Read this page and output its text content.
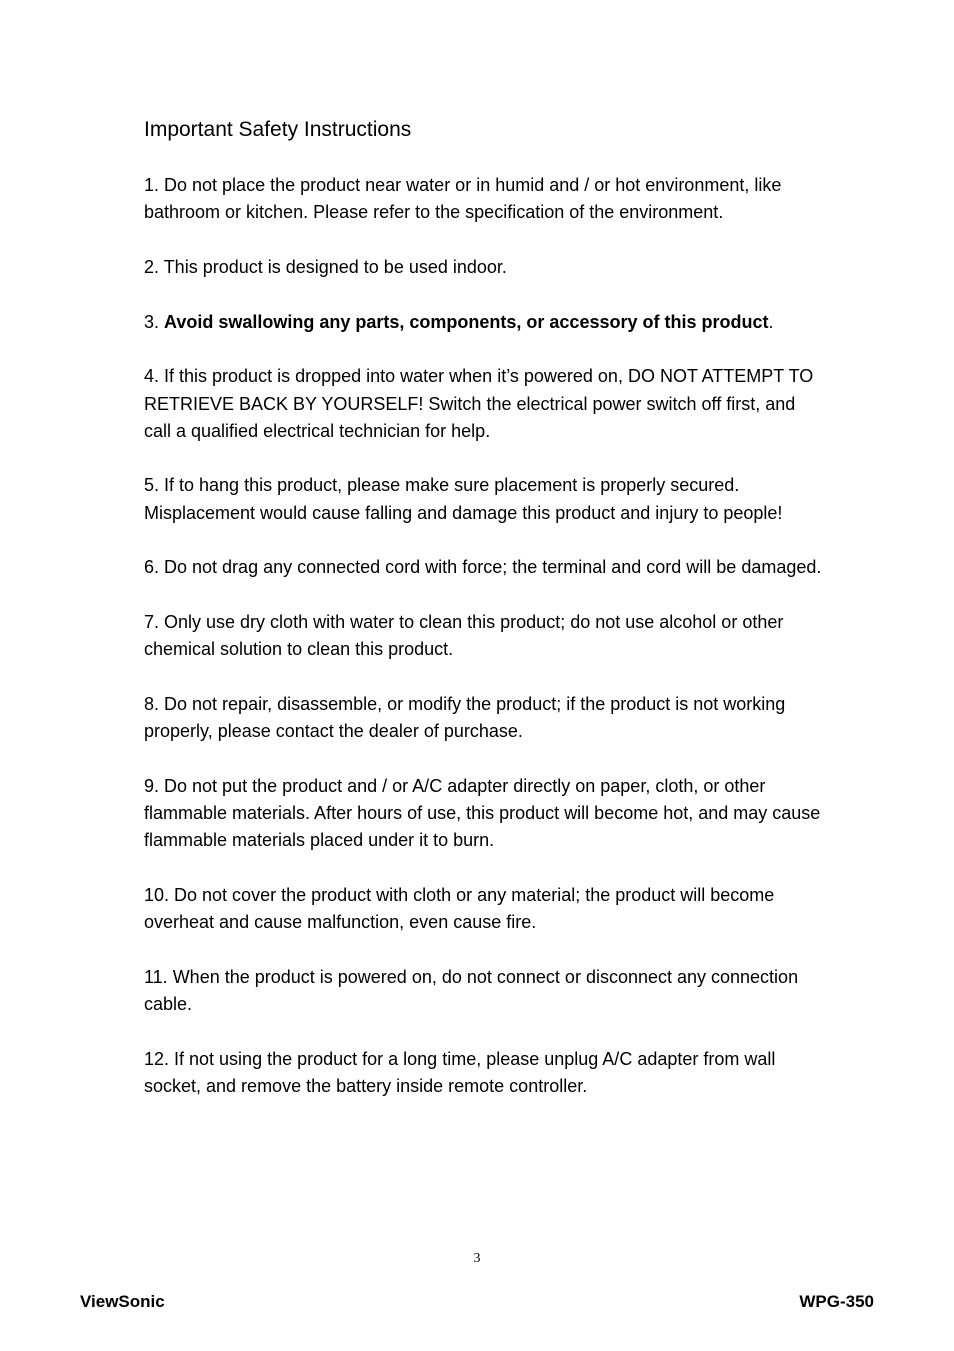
Important Safety Instructions

1. Do not place the product near water or in humid and / or hot environment, like bathroom or kitchen. Please refer to the specification of the environment.

2. This product is designed to be used indoor.

3. Avoid swallowing any parts, components, or accessory of this product.

4. If this product is dropped into water when it’s powered on, DO NOT ATTEMPT TO RETRIEVE BACK BY YOURSELF! Switch the electrical power switch off first, and call a qualified electrical technician for help.

5. If to hang this product, please make sure placement is properly secured. Misplacement would cause falling and damage this product and injury to people!

6. Do not drag any connected cord with force; the terminal and cord will be damaged.

7. Only use dry cloth with water to clean this product; do not use alcohol or other chemical solution to clean this product.

8. Do not repair, disassemble, or modify the product; if the product is not working properly, please contact the dealer of purchase.

9. Do not put the product and / or A/C adapter directly on paper, cloth, or other flammable materials. After hours of use, this product will become hot, and may cause flammable materials placed under it to burn.

10. Do not cover the product with cloth or any material; the product will become overheat and cause malfunction, even cause fire.

11. When the product is powered on, do not connect or disconnect any connection cable.

12. If not using the product for a long time, please unplug A/C adapter from wall socket, and remove the battery inside remote controller.

3
ViewSonic	WPG-350
